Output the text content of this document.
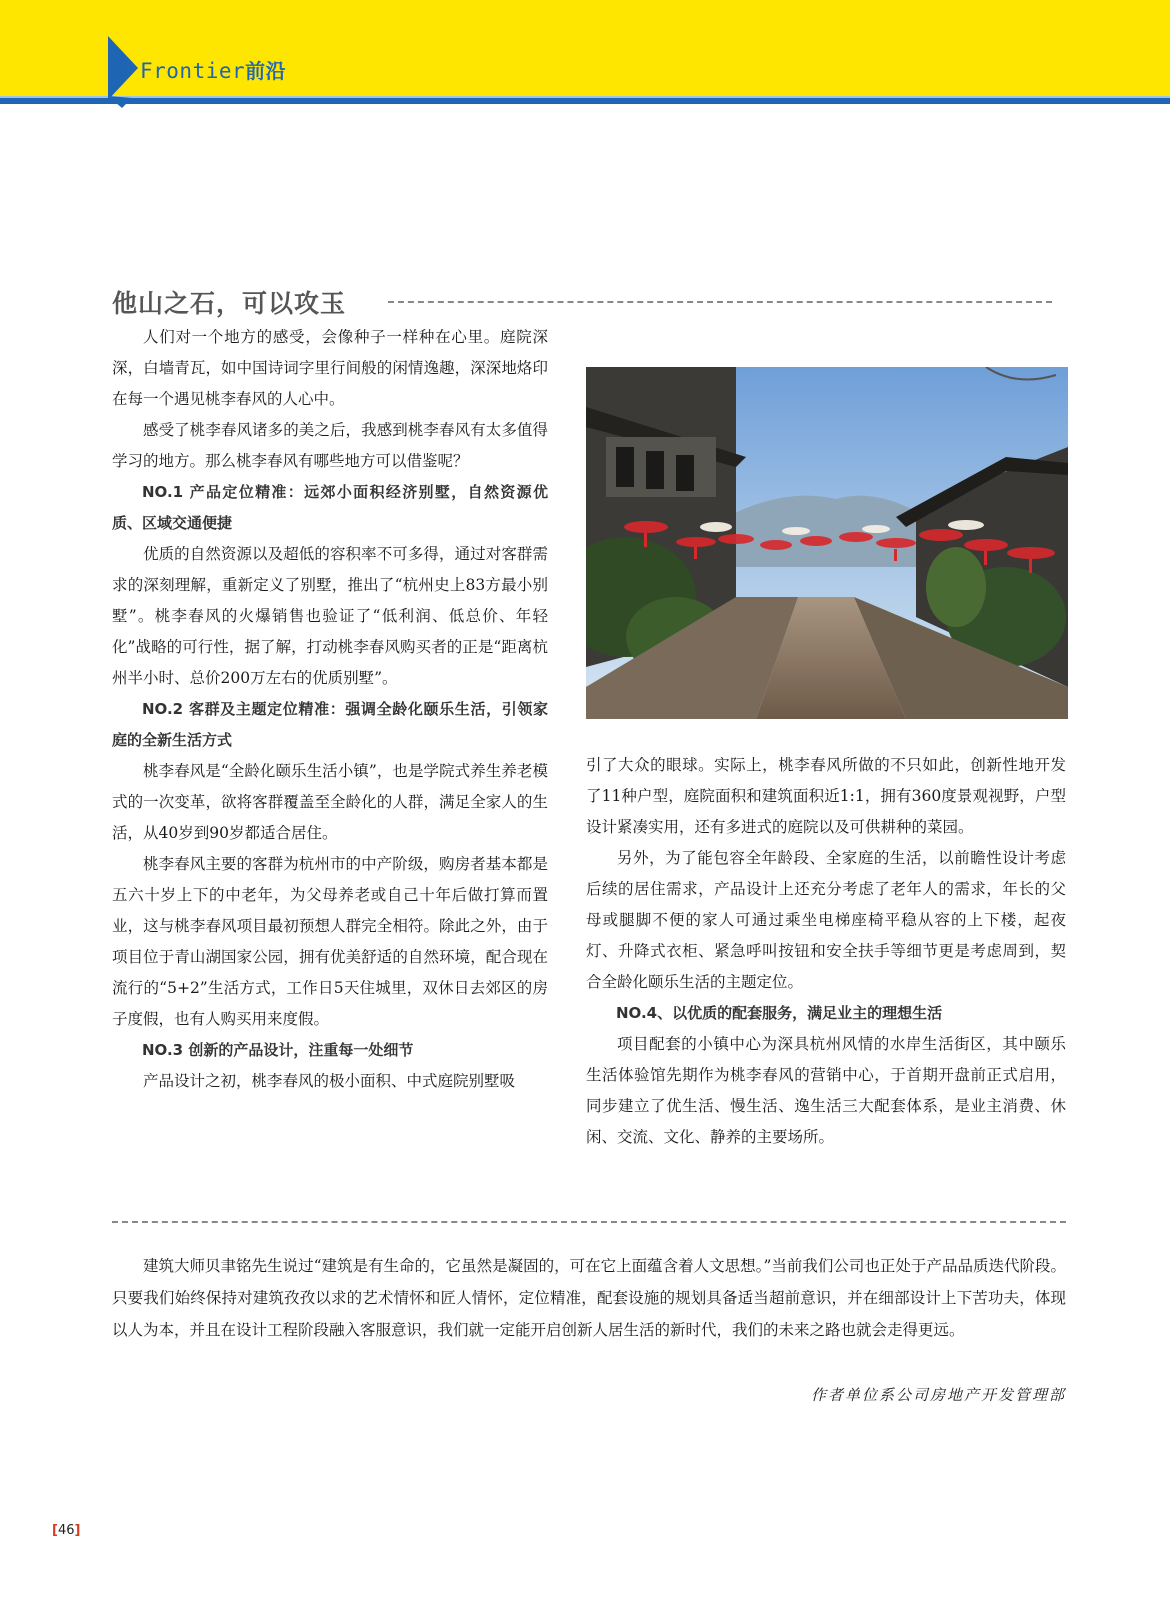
Frontier前沿
他山之石，可以攻玉

人们对一个地方的感受，会像种子一样种在心里。庭院深深，白墙青瓦，如中国诗词字里行间般的闲情逸趣，深深地烙印在每一个遇见桃李春风的人心中。

感受了桃李春风诸多的美之后，我感到桃李春风有太多值得学习的地方。那么桃李春风有哪些地方可以借鉴呢？

NO.1 产品定位精准：远郊小面积经济别墅，自然资源优质、区域交通便捷

优质的自然资源以及超低的容积率不可多得，通过对客群需求的深刻理解，重新定义了别墅，推出了“杭州史上83方最小别墅”。桃李春风的火爆销售也验证了“低利润、低总价、年轻化”战略的可行性，据了解，打动桃李春风购买者的正是“距离杭州半小时、总价200万左右的优质别墅”。

NO.2 客群及主题定位精准：强调全龄化颐乐生活，引领家庭的全新生活方式

桃李春风是“全龄化颐乐生活小镇”，也是学院式养生养老模式的一次变革，欲将客群覆盖至全龄化的人群，满足全家人的生活，从40岁到90岁都适合居住。

桃李春风主要的客群为杭州市的中产阶级，购房者基本都是五六十岁上下的中老年，为父母养老或自己十年后做打算而置业，这与桃李春风项目最初预想人群完全相符。除此之外，由于项目位于青山湖国家公园，拥有优美舒适的自然环境，配合现在流行的“5+2”生活方式，工作日5天住城里，双休日去郊区的房子度假，也有人购买用来度假。

NO.3 创新的产品设计，注重每一处细节

产品设计之初，桃李春风的极小面积、中式庭院别墅吸

引了大众的眼球。实际上，桃李春风所做的不只如此，创新性地开发了11种户型，庭院面积和建筑面积近1:1，拥有360度景观视野，户型设计紧凑实用，还有多进式的庭院以及可供耕种的菜园。

另外，为了能包容全年龄段、全家庭的生活，以前瞻性设计考虑后续的居住需求，产品设计上还充分考虑了老年人的需求，年长的父母或腿脚不便的家人可通过乘坐电梯座椅平稳从容的上下楼，起夜灯、升降式衣柜、紧急呼叫按钮和安全扶手等细节更是考虑周到，契合全龄化颐乐生活的主题定位。

NO.4、以优质的配套服务，满足业主的理想生活

项目配套的小镇中心为深具杭州风情的水岸生活街区，其中颐乐生活体验馆先期作为桃李春风的营销中心，于首期开盘前正式启用，同步建立了优生活、慢生活、逸生活三大配套体系，是业主消费、休闲、交流、文化、静养的主要场所。

建筑大师贝聿铭先生说过“建筑是有生命的，它虽然是凝固的，可在它上面蕴含着人文思想。”当前我们公司也正处于产品品质迭代阶段。只要我们始终保持对建筑孜孜以求的艺术情怀和匠人情怀，定位精准，配套设施的规划具备适当超前意识，并在细部设计上下苦功夫，体现以人为本，并且在设计工程阶段融入客服意识，我们就一定能开启创新人居生活的新时代，我们的未来之路也就会走得更远。

作者单位系公司房地产开发管理部
[46]
